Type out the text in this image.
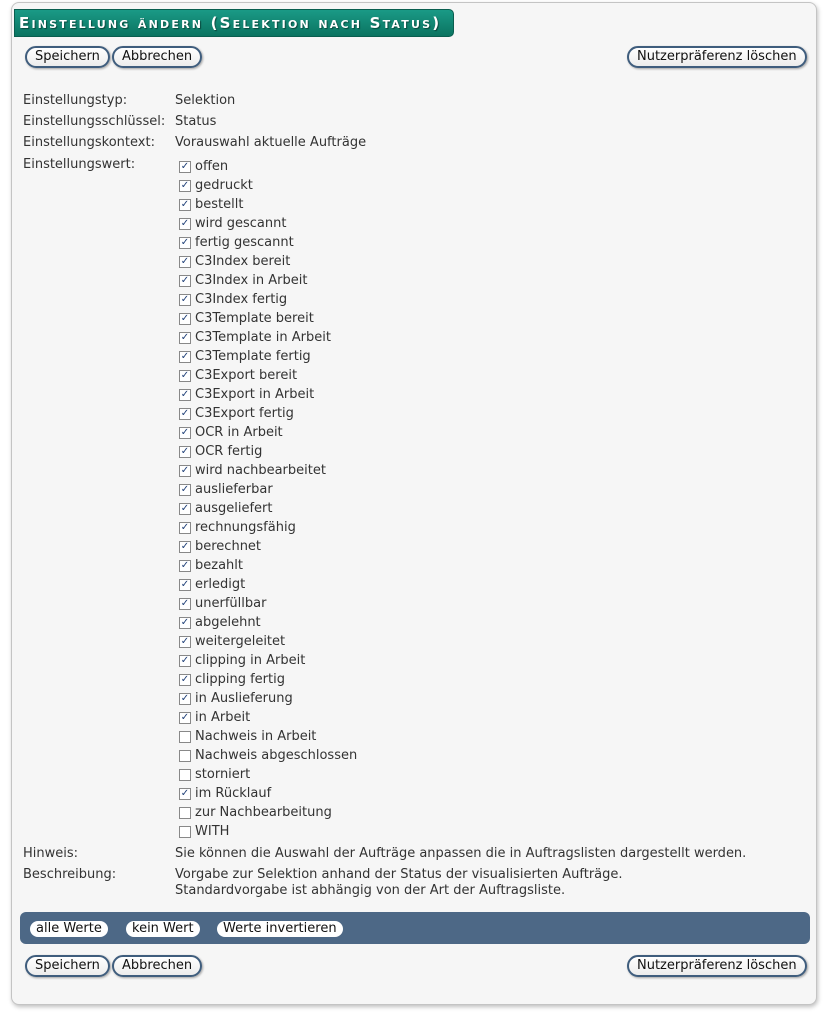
Einstellung ändern (Selektion nach Status)
Speichern	Abbrechen	Nutzerpräferenz löschen
Einstellungstyp:	Selektion
Einstellungsschlüssel: Status
Einstellungskontext: Vorauswahl aktuelle Aufträge
Einstellungswert:
✓	offen
✓
gedruckt
✓
bestellt
✓
wird gescannt
✓
fertig gescannt
✓
C3Index bereit
✓
C3Index in Arbeit
✓
C3Index fertig
✓
C3Template bereit
✓
C3Template in Arbeit
✓
C3Template fertig
✓
C3Export bereit
✓
C3Export in Arbeit
✓
C3Export fertig
✓
OCR in Arbeit
✓
OCR fertig
✓
wird nachbearbeitet
✓
auslieferbar
✓
ausgeliefert
✓
rechnungsfähig
✓
berechnet
✓
bezahlt
✓
erledigt
✓
unerfüllbar
✓
abgelehnt
✓
weitergeleitet
✓
clipping in Arbeit
✓
clipping fertig
✓
in Auslieferung
✓
in Arbeit
Nachweis in Arbeit
Nachweis abgeschlossen
storniert
✓
im Rücklauf
zur Nachbearbeitung
WITH
Hinweis:	Sie können die Auswahl der Aufträge anpassen die in Auftragslisten dargestellt werden.
Beschreibung:	Vorgabe zur Selektion anhand der Status der visualisierten Aufträge.
Standardvorgabe ist abhängig von der Art der Auftragsliste.
alle Werte	kein Wert	Werte invertieren
Speichern	Abbrechen	Nutzerpräferenz löschen
